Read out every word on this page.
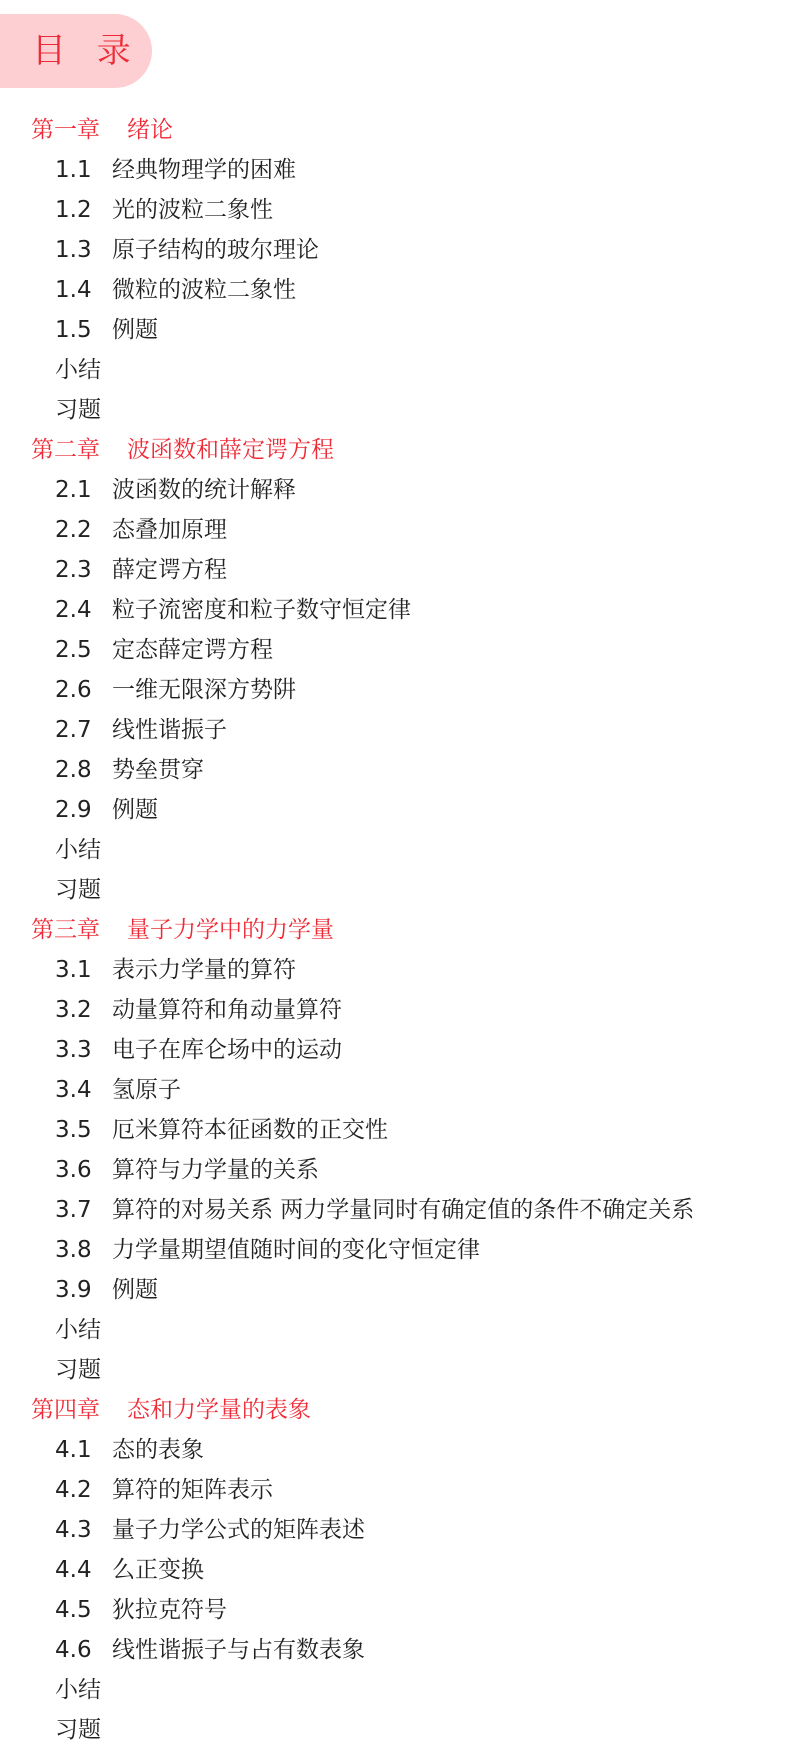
目 录
第一章 绪论
1.1 经典物理学的困难
1.2 光的波粒二象性
1.3 原子结构的玻尔理论
1.4 微粒的波粒二象性
1.5 例题
小结
习题
第二章 波函数和薛定谔方程
2.1 波函数的统计解释
2.2 态叠加原理
2.3 薛定谔方程
2.4 粒子流密度和粒子数守恒定律
2.5 定态薛定谔方程
2.6 一维无限深方势阱
2.7 线性谐振子
2.8 势垒贯穿
2.9 例题
小结
习题
第三章 量子力学中的力学量
3.1 表示力学量的算符
3.2 动量算符和角动量算符
3.3 电子在库仑场中的运动
3.4 氢原子
3.5 厄米算符本征函数的正交性
3.6 算符与力学量的关系
3.7 算符的对易关系 两力学量同时有确定值的条件不确定关系
3.8 力学量期望值随时间的变化守恒定律
3.9 例题
小结
习题
第四章 态和力学量的表象
4.1 态的表象
4.2 算符的矩阵表示
4.3 量子力学公式的矩阵表述
4.4 么正变换
4.5 狄拉克符号
4.6 线性谐振子与占有数表象
小结
习题
